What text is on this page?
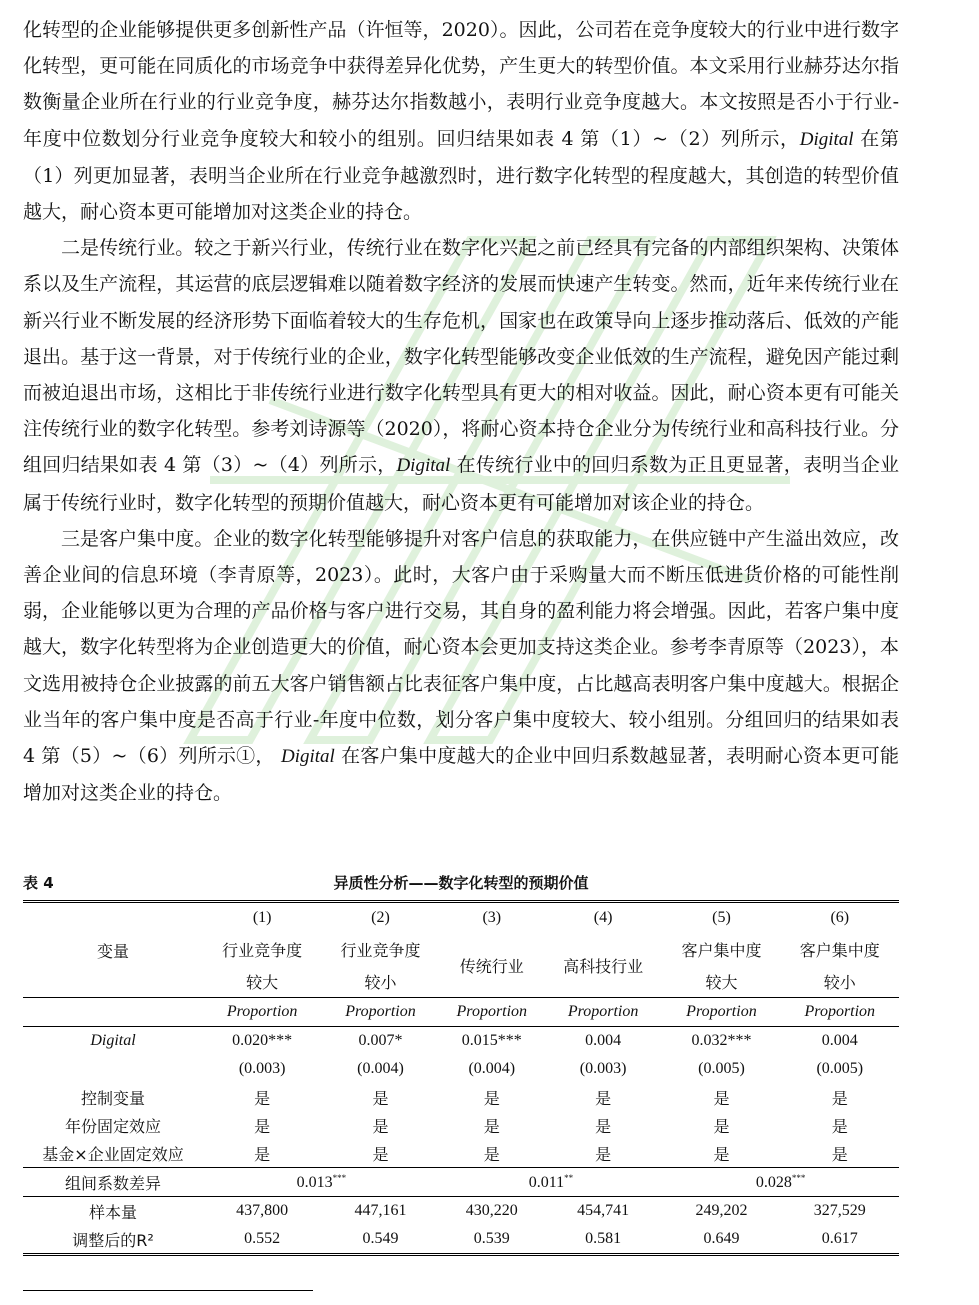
化转型的企业能够提供更多创新性产品（许恒等，2020）。因此，公司若在竞争度较大的行业中进行数字化转型，更可能在同质化的市场竞争中获得差异化优势，产生更大的转型价值。本文采用行业赫芬达尔指数衡量企业所在行业的行业竞争度，赫芬达尔指数越小，表明行业竞争度越大。本文按照是否小于行业-年度中位数划分行业竞争度较大和较小的组别。回归结果如表 4 第（1）~（2）列所示，Digital 在第（1）列更加显著，表明当企业所在行业竞争越激烈时，进行数字化转型的程度越大，其创造的转型价值越大，耐心资本更可能增加对这类企业的持仓。

二是传统行业。较之于新兴行业，传统行业在数字化兴起之前已经具有完备的内部组织架构、决策体系以及生产流程，其运营的底层逻辑难以随着数字经济的发展而快速产生转变。然而，近年来传统行业在新兴行业不断发展的经济形势下面临着较大的生存危机，国家也在政策导向上逐步推动落后、低效的产能退出。基于这一背景，对于传统行业的企业，数字化转型能够改变企业低效的生产流程，避免因产能过剩而被迫退出市场，这相比于非传统行业进行数字化转型具有更大的相对收益。因此，耐心资本更有可能关注传统行业的数字化转型。参考刘诗源等（2020），将耐心资本持仓企业分为传统行业和高科技行业。分组回归结果如表 4 第（3）~（4）列所示，Digital 在传统行业中的回归系数为正且更显著，表明当企业属于传统行业时，数字化转型的预期价值越大，耐心资本更有可能增加对该企业的持仓。

三是客户集中度。企业的数字化转型能够提升对客户信息的获取能力，在供应链中产生溢出效应，改善企业间的信息环境（李青原等，2023）。此时，大客户由于采购量大而不断压低进货价格的可能性削弱，企业能够以更为合理的产品价格与客户进行交易，其自身的盈利能力将会增强。因此，若客户集中度越大，数字化转型将为企业创造更大的价值，耐心资本会更加支持这类企业。参考李青原等（2023），本文选用被持仓企业披露的前五大客户销售额占比表征客户集中度，占比越高表明客户集中度越大。根据企业当年的客户集中度是否高于行业-年度中位数，划分客户集中度较大、较小组别。分组回归的结果如表 4 第（5）~（6）列所示①， Digital 在客户集中度越大的企业中回归系数越显著，表明耐心资本更可能增加对这类企业的持仓。

表 4	异质性分析——数字化转型的预期价值
变量	(1)	(2)	(3)	(4)	(5)	(6)
	行业竞争度	行业竞争度	传统行业	高科技行业	客户集中度	客户集中度
	较大	较小			较大	较小
	Proportion	Proportion	Proportion	Proportion	Proportion	Proportion
Digital	0.020***	0.007*	0.015***	0.004	0.032***	0.004
	(0.003)	(0.004)	(0.004)	(0.003)	(0.005)	(0.005)
控制变量	是	是	是	是	是	是
年份固定效应	是	是	是	是	是	是
基金×企业固定效应	是	是	是	是	是	是
组间系数差异	0.013***		0.011**		0.028***
样本量	437,800	447,161	430,220	454,741	249,202	327,529
调整后的R²	0.552	0.549	0.539	0.581	0.649	0.617
